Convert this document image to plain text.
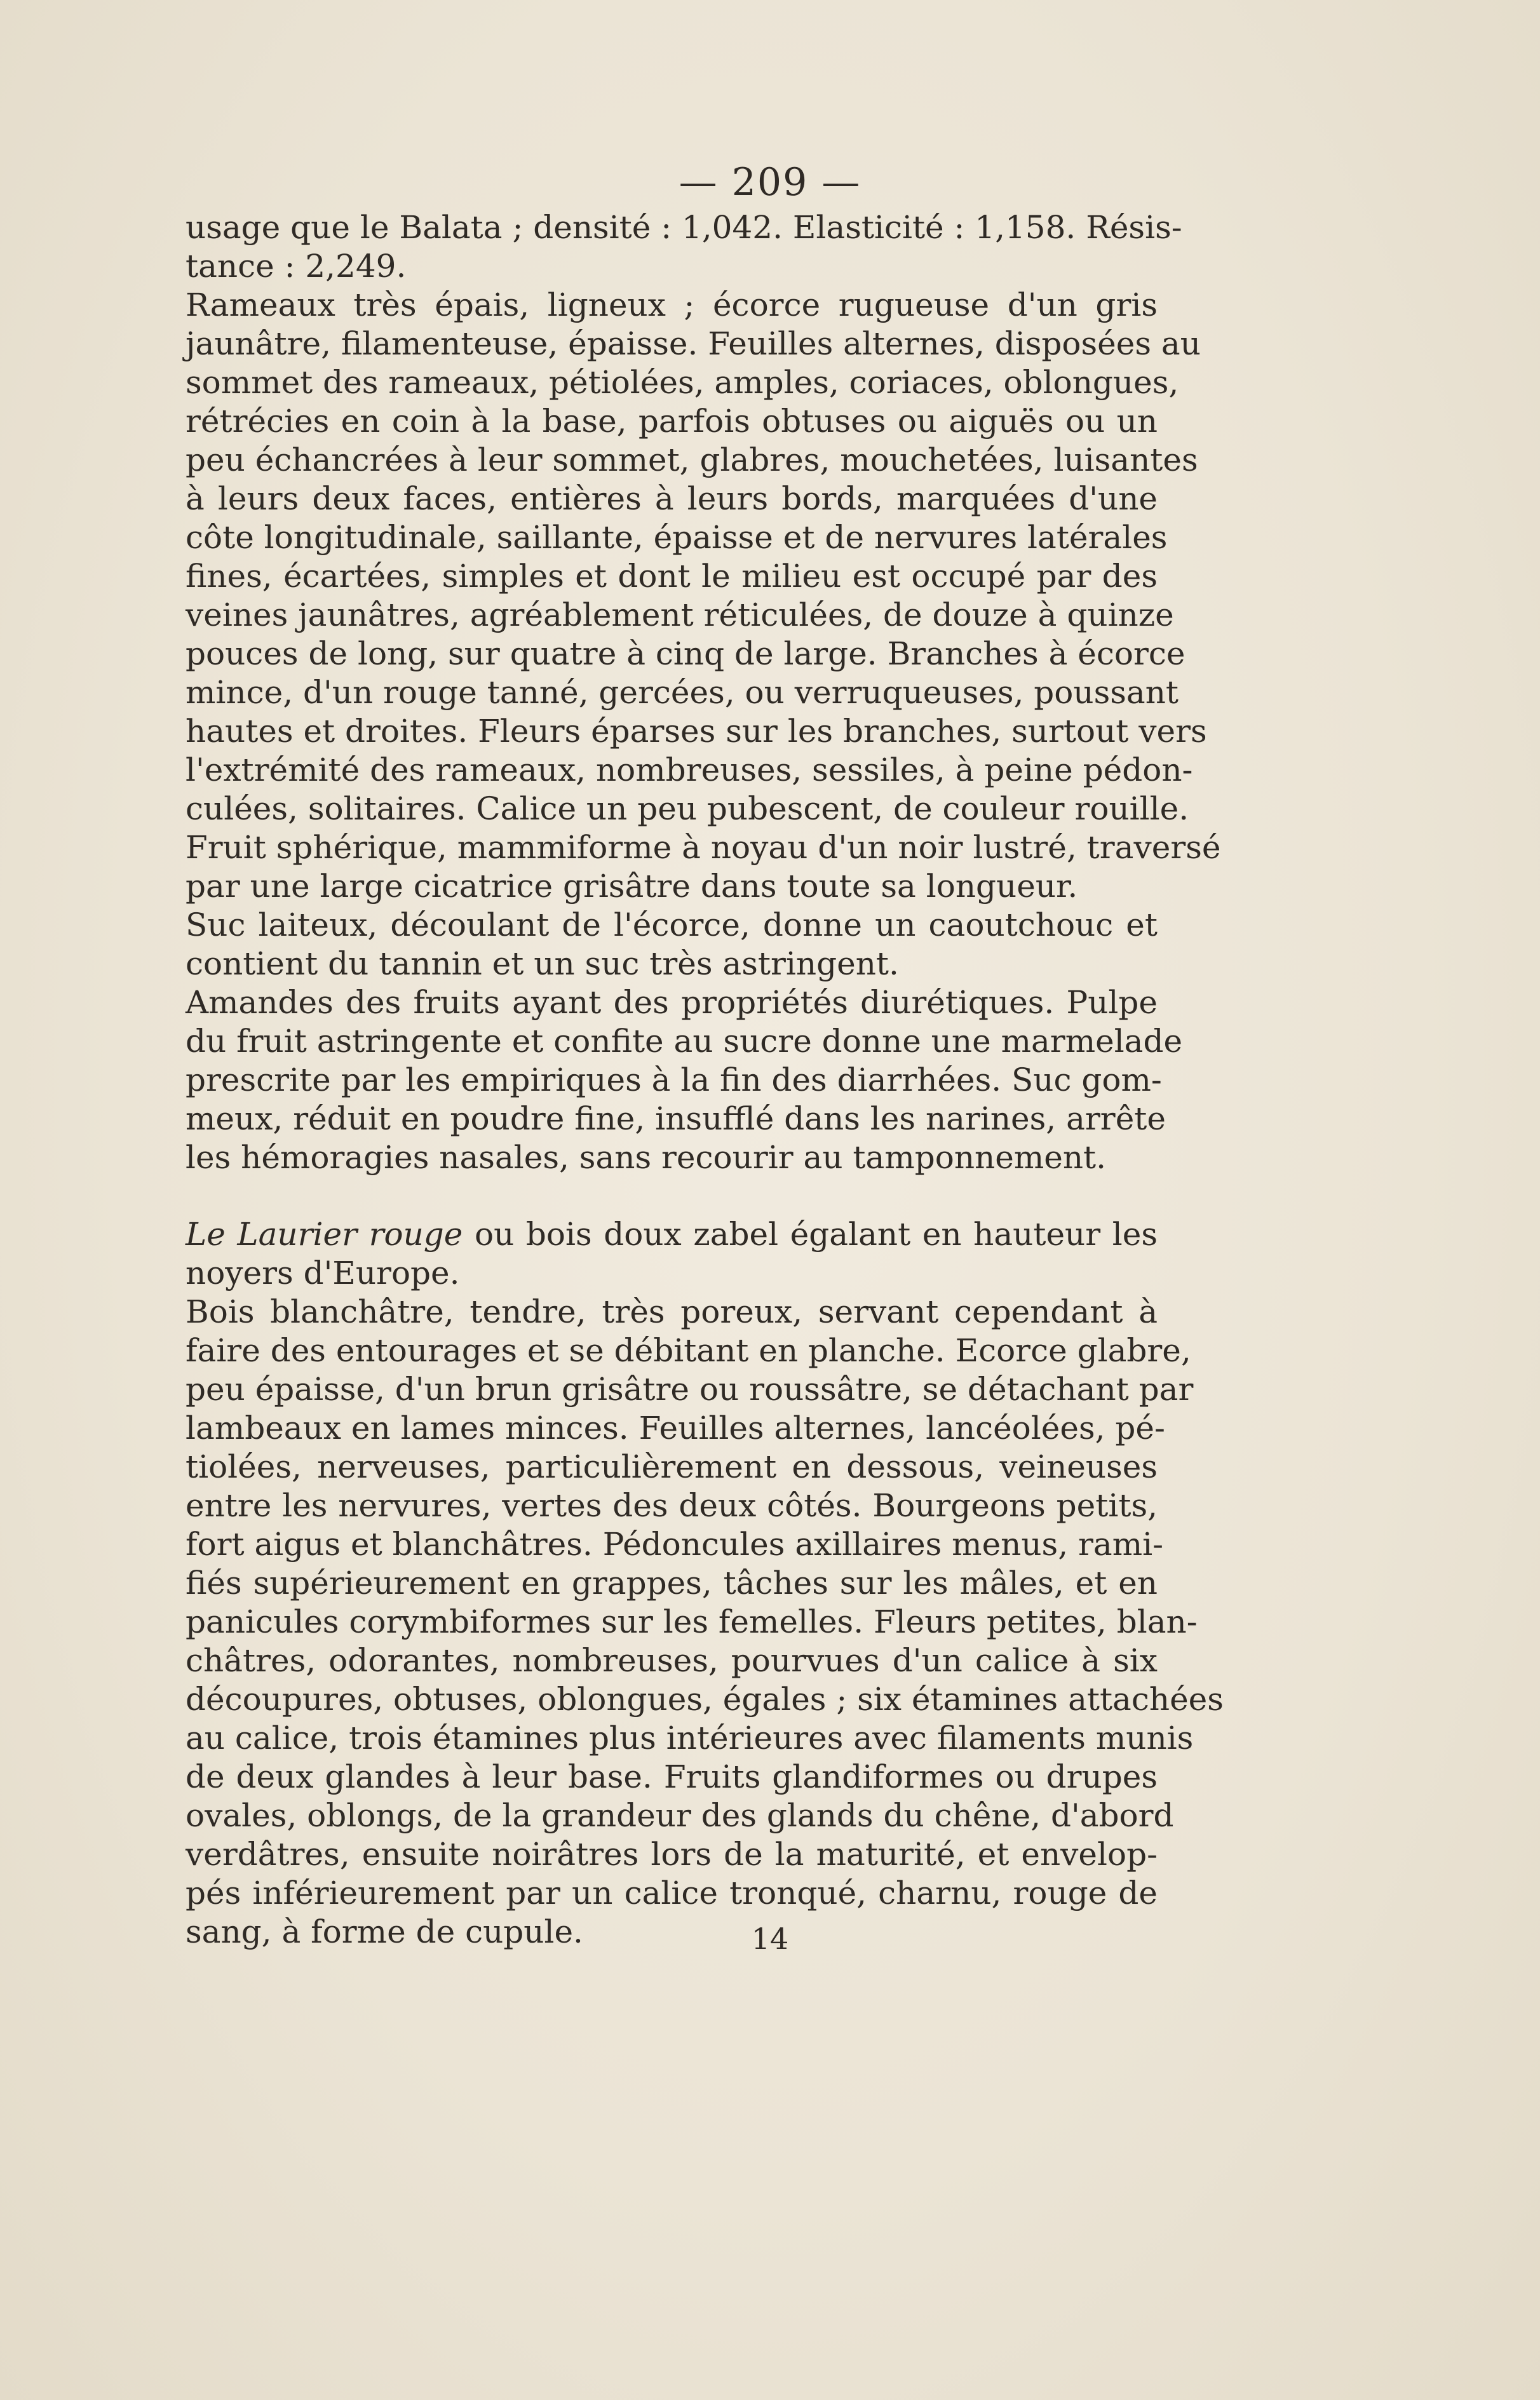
— 209 —
usage que le Balata ; densité : 1,042. Elasticité : 1,158. Résis-
tance : 2,249.
Rameaux très épais, ligneux ; écorce rugueuse d'un gris
jaunâtre, filamenteuse, épaisse. Feuilles alternes, disposées au
sommet des rameaux, pétiolées, amples, coriaces, oblongues,
rétrécies en coin à la base, parfois obtuses ou aiguës ou un
peu échancrées à leur sommet, glabres, mouchetées, luisantes
à leurs deux faces, entières à leurs bords, marquées d'une
côte longitudinale, saillante, épaisse et de nervures latérales
fines, écartées, simples et dont le milieu est occupé par des
veines jaunâtres, agréablement réticulées, de douze à quinze
pouces de long, sur quatre à cinq de large. Branches à écorce
mince, d'un rouge tanné, gercées, ou verruqueuses, poussant
hautes et droites. Fleurs éparses sur les branches, surtout vers
l'extrémité des rameaux, nombreuses, sessiles, à peine pédon-
culées, solitaires. Calice un peu pubescent, de couleur rouille.
Fruit sphérique, mammiforme à noyau d'un noir lustré, traversé
par une large cicatrice grisâtre dans toute sa longueur.
Suc laiteux, découlant de l'écorce, donne un caoutchouc et
contient du tannin et un suc très astringent.
Amandes des fruits ayant des propriétés diurétiques. Pulpe
du fruit astringente et confite au sucre donne une marmelade
prescrite par les empiriques à la fin des diarrhées. Suc gom-
meux, réduit en poudre fine, insufflé dans les narines, arrête
les hémoragies nasales, sans recourir au tamponnement.
Le Laurier rouge ou bois doux zabel égalant en hauteur les
noyers d'Europe.
Bois blanchâtre, tendre, très poreux, servant cependant à
faire des entourages et se débitant en planche. Ecorce glabre,
peu épaisse, d'un brun grisâtre ou roussâtre, se détachant par
lambeaux en lames minces. Feuilles alternes, lancéolées, pé-
tiolées, nerveuses, particulièrement en dessous, veineuses
entre les nervures, vertes des deux côtés. Bourgeons petits,
fort aigus et blanchâtres. Pédoncules axillaires menus, rami-
fiés supérieurement en grappes, tâches sur les mâles, et en
panicules corymbiformes sur les femelles. Fleurs petites, blan-
châtres, odorantes, nombreuses, pourvues d'un calice à six
découpures, obtuses, oblongues, égales ; six étamines attachées
au calice, trois étamines plus intérieures avec filaments munis
de deux glandes à leur base. Fruits glandiformes ou drupes
ovales, oblongs, de la grandeur des glands du chêne, d'abord
verdâtres, ensuite noirâtres lors de la maturité, et envelop-
pés inférieurement par un calice tronqué, charnu, rouge de
sang, à forme de cupule.	14
